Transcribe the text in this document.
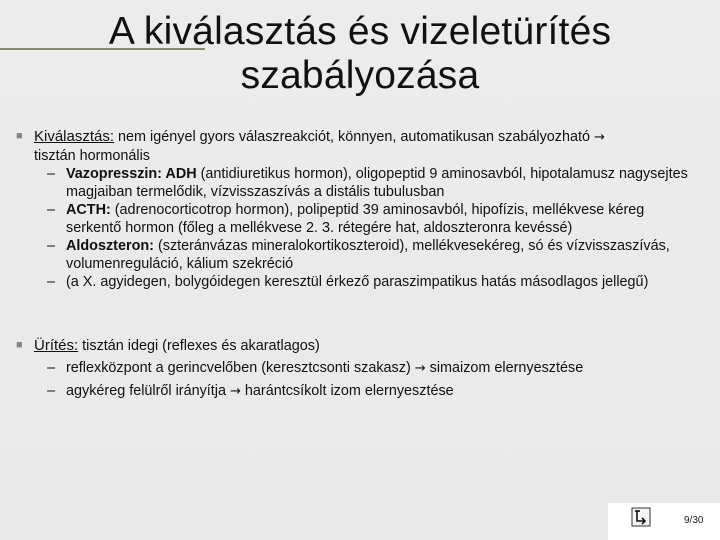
A kiválasztás és vizeletürítés
szabályozása
■ Kiválasztás: nem igényel gyors válaszreakciót, könnyen, automatikusan szabályozható →
tisztán hormonális
– Vazopresszin: ADH (antidiuretikus hormon), oligopeptid 9 aminosavból, hipotalamusz nagysejtes magjaiban termelődik, vízvisszaszívás a distális tubulusban
– ACTH: (adrenocorticotrop hormon), polipeptid 39 aminosavból, hipofízis, mellékvese kéreg serkentő hormon (főleg a mellékvese 2. 3. rétegére hat, aldoszteronra kevéssé)
– Aldoszteron: (szteránvázas mineralokortikoszteroid), mellékvesekéreg, só és vízvisszaszívás, volumenreguláció, kálium szekréció
– (a X. agyidegen, bolygóidegen keresztül érkező paraszimpatikus hatás másodlagos jellegű)
■ Ürítés: tisztán idegi (reflexes és akaratlagos)
– reflexközpont a gerincvelőben (keresztcsonti szakasz) → simaizom elernyesztése
– agykéreg felülről irányítja → harántcsíkolt izom elernyesztése
9/30
